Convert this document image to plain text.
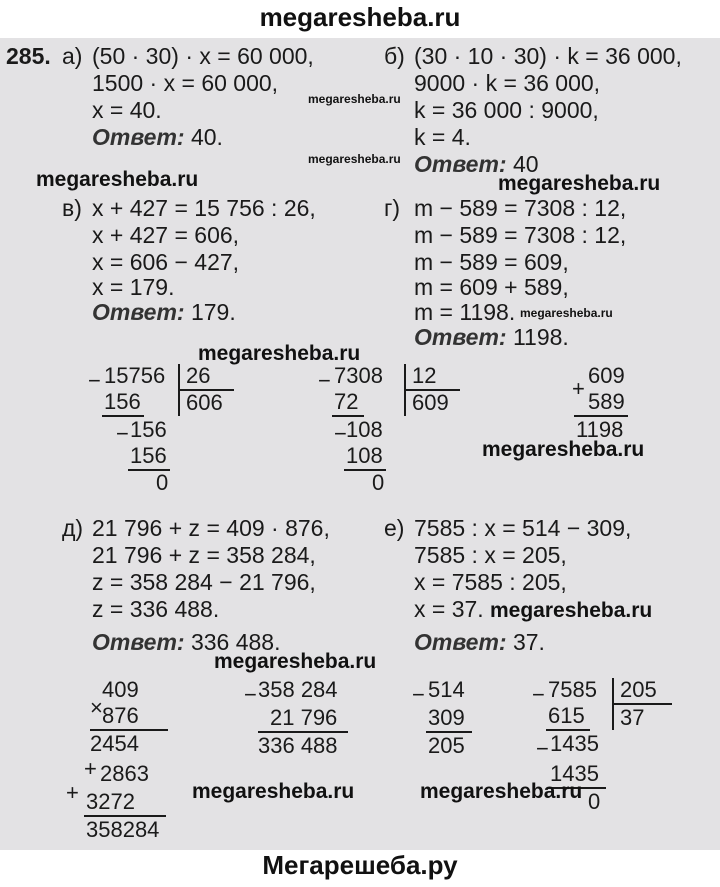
megaresheba.ru
285. а) (50 · 30) · x = 60 000,
1500 · x = 60 000,
x = 40.
Ответ: 40.
б) (30 · 10 · 30) · k = 36 000,
9000 · k = 36 000,
k = 36 000 : 9000,
k = 4.
Ответ: 40
megaresheba.ru
megaresheba.ru
megaresheba.ru	megaresheba.ru
в) x + 427 = 15 756 : 26,
x + 427 = 606,
x = 606 − 427,
x = 179.
Ответ: 179.
г) m − 589 = 7308 : 12,
m − 589 = 7308 : 12,
m − 589 = 609,
m = 609 + 589,
m = 1198. megaresheba.ru
Ответ: 1198.
megaresheba.ru
− 15756 26
606
156
− 156
156
0
− 7308 12
609
72
− 108
108
0
+
609
589
1198
megaresheba.ru
д) 21 796 + z = 409 · 876,
21 796 + z = 358 284,
z = 358 284 − 21 796,
z = 336 488.
Ответ: 336 488.
е) 7585 : x = 514 − 309,
7585 : x = 205,
x = 7585 : 205,
x = 37. megaresheba.ru
Ответ: 37.
megaresheba.ru
×
409
876
2454
+ 2863
+ 3272
358284
− 358 284
21 796
336 488
− 514
309
205
− 7585 205
37
615
− 1435
1435
0
megaresheba.ru	megaresheba.ru
Мегарешеба.ру
